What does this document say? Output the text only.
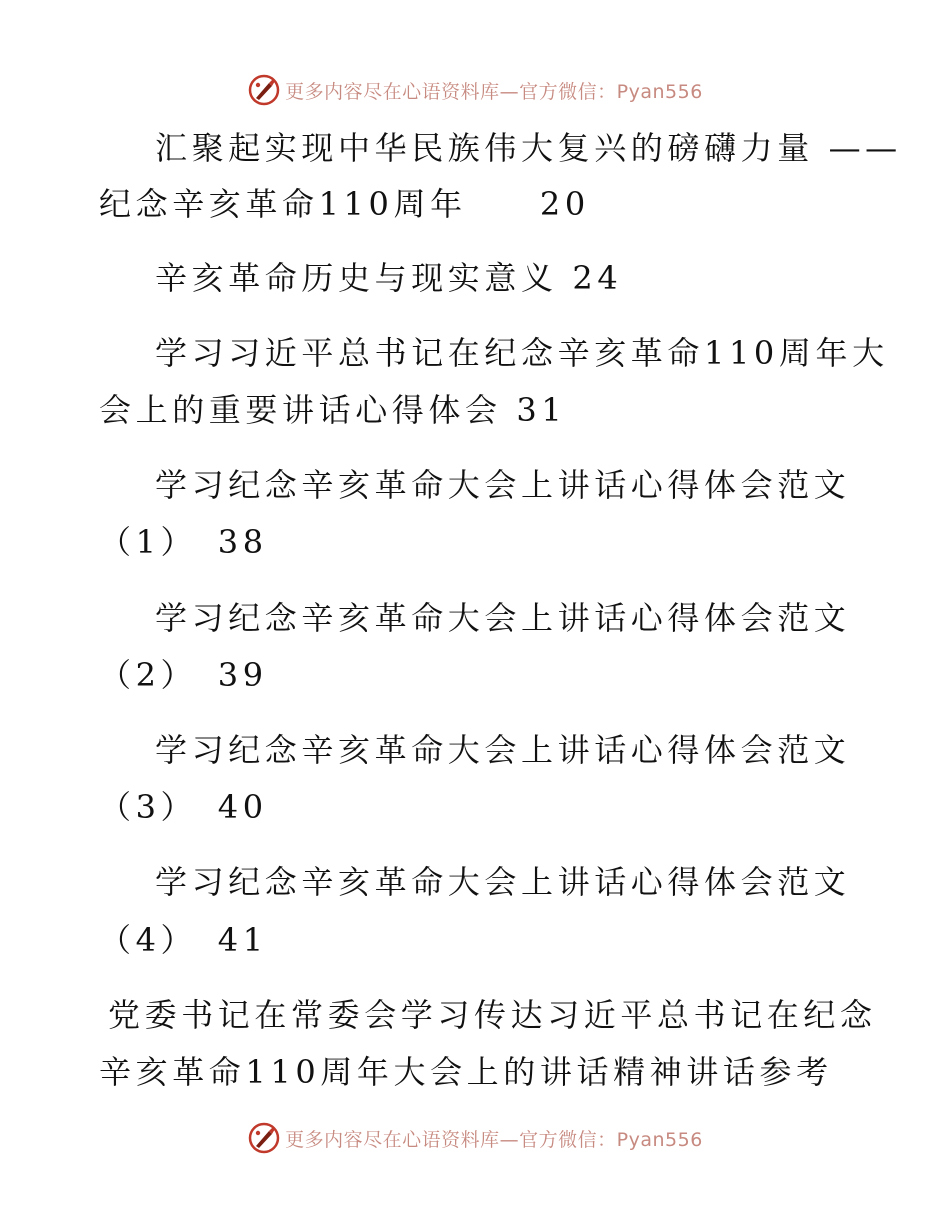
更多内容尽在心语资料库—官方微信：Pyan556
汇聚起实现中华民族伟大复兴的磅礴力量 ——
纪念辛亥革命110周年　　20
辛亥革命历史与现实意义 24
学习习近平总书记在纪念辛亥革命110周年大
会上的重要讲话心得体会 31
学习纪念辛亥革命大会上讲话心得体会范文
（1）　38
学习纪念辛亥革命大会上讲话心得体会范文
（2）　39
学习纪念辛亥革命大会上讲话心得体会范文
（3）　40
学习纪念辛亥革命大会上讲话心得体会范文
（4）　41
党委书记在常委会学习传达习近平总书记在纪念
辛亥革命110周年大会上的讲话精神讲话参考
更多内容尽在心语资料库—官方微信：Pyan556
